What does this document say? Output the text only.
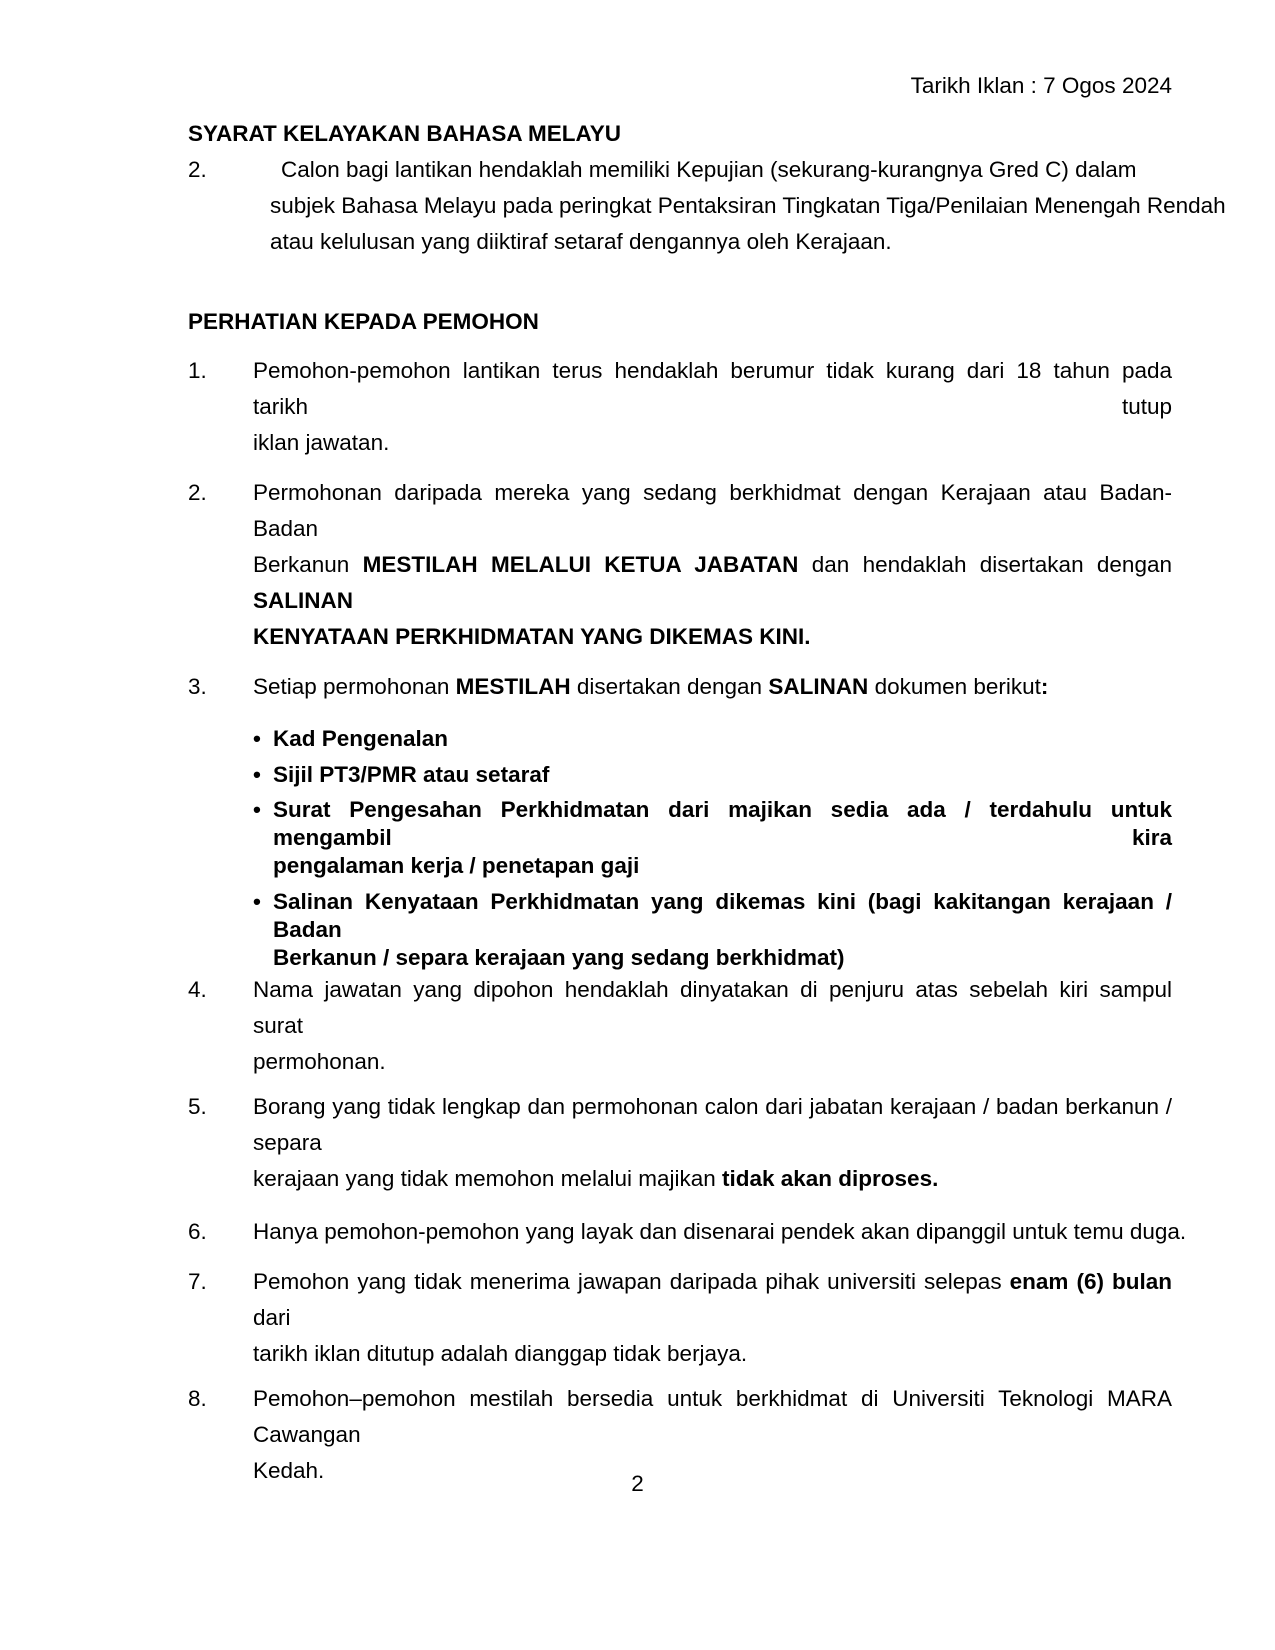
Tarikh Iklan : 7 Ogos 2024
SYARAT KELAYAKAN BAHASA MELAYU
2.	Calon bagi lantikan hendaklah memiliki Kepujian (sekurang-kurangnya Gred C) dalam
subjek Bahasa Melayu pada peringkat Pentaksiran Tingkatan Tiga/Penilaian Menengah Rendah
atau kelulusan yang diiktiraf setaraf dengannya oleh Kerajaan.
PERHATIAN KEPADA PEMOHON
1.	Pemohon-pemohon lantikan terus hendaklah berumur tidak kurang dari 18 tahun pada tarikh tutup
iklan jawatan.
2.	Permohonan daripada mereka yang sedang berkhidmat dengan Kerajaan atau Badan-Badan
Berkanun MESTILAH MELALUI KETUA JABATAN dan hendaklah disertakan dengan SALINAN
KENYATAAN PERKHIDMATAN YANG DIKEMAS KINI.
3.	Setiap permohonan MESTILAH disertakan dengan SALINAN dokumen berikut:
• Kad Pengenalan
• Sijil PT3/PMR atau setaraf
• Surat Pengesahan Perkhidmatan dari majikan sedia ada / terdahulu untuk mengambil kira
pengalaman kerja / penetapan gaji
• Salinan Kenyataan Perkhidmatan yang dikemas kini (bagi kakitangan kerajaan / Badan
Berkanun / separa kerajaan yang sedang berkhidmat)
4.	Nama jawatan yang dipohon hendaklah dinyatakan di penjuru atas sebelah kiri sampul surat
permohonan.
5.	Borang yang tidak lengkap dan permohonan calon dari jabatan kerajaan / badan berkanun / separa
kerajaan yang tidak memohon melalui majikan tidak akan diproses.
6.	Hanya pemohon-pemohon yang layak dan disenarai pendek akan dipanggil untuk temu duga.
7.	Pemohon yang tidak menerima jawapan daripada pihak universiti selepas enam (6) bulan dari
tarikh iklan ditutup adalah dianggap tidak berjaya.
8.	Pemohon–pemohon mestilah bersedia untuk berkhidmat di Universiti Teknologi MARA Cawangan
Kedah.
2
